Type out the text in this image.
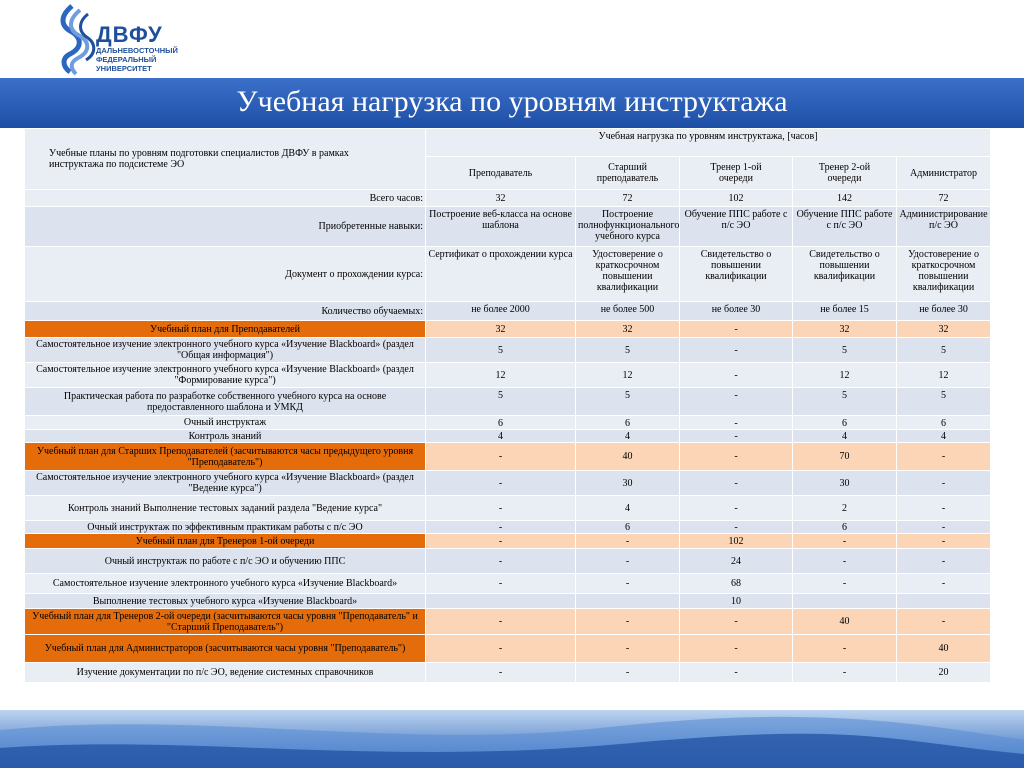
ДВФУ
ДАЛЬНЕВОСТОЧНЫЙ
ФЕДЕРАЛЬНЫЙ
УНИВЕРСИТЕТ
Учебная нагрузка по уровням инструктажа
Учебные планы по уровням подготовки специалистов ДВФУ в рамках инструктажа по подсистеме ЭО	Учебная нагрузка по уровням инструктажа, [часов]				
	Преподаватель	Старший преподаватель	Тренер 1-ой очереди	Тренер 2-ой очереди	Администратор
Всего часов:	32	72	102	142	72
Приобретенные навыки:	Построение веб-класса на основе шаблона	Построение полнофункционального учебного курса	Обучение ППС работе с п/с ЭО	Обучение ППС работе с п/с ЭО	Администрирование п/с ЭО
Документ о прохождении курса:	Сертификат о прохождении курса	Удостоверение о краткосрочном повышении квалификации	Свидетельство о повышении квалификации	Свидетельство о повышении квалификации	Удостоверение о краткосрочном повышении квалификации
Количество обучаемых:	не более 2000	не более 500	не более 30	не более 15	не более 30
Учебный план для Преподавателей	32	32	-	32	32
Самостоятельное изучение электронного учебного курса «Изучение Blackboard» (раздел "Общая информация")	5	5	-	5	5
Самостоятельное изучение электронного учебного курса «Изучение Blackboard» (раздел "Формирование курса")	12	12	-	12	12
Практическая работа по разработке собственного учебного курса на основе предоставленного шаблона и УМКД	5	5	-	5	5
Очный инструктаж	6	6	-	6	6
Контроль знаний	4	4	-	4	4
Учебный план для Старших Преподавателей (засчитываются часы предыдущего уровня "Преподаватель")	-	40	-	70	-
Самостоятельное изучение электронного учебного курса «Изучение Blackboard» (раздел "Ведение курса")	-	30	-	30	-
Контроль знаний Выполнение тестовых заданий раздела "Ведение курса"	-	4	-	2	-
Очный инструктаж по эффективным практикам работы с п/с ЭО	-	6	-	6	-
Учебный план для Тренеров 1-ой очереди	-	-	102	-	-
Очный инструктаж по работе с п/с ЭО и обучению ППС	-	-	24	-	-
Самостоятельное изучение электронного учебного курса «Изучение Blackboard»	-	-	68	-	-
Выполнение тестовых учебного курса «Изучение Blackboard»			10		
Учебный план для Тренеров 2-ой очереди (засчитываются часы уровня "Преподаватель" и "Старший Преподаватель")	-	-	-	40	-
Учебный план для Администраторов (засчитываются часы уровня "Преподаватель")	-	-	-	-	40
Изучение документации по п/с ЭО, ведение системных справочников	-	-	-	-	20
